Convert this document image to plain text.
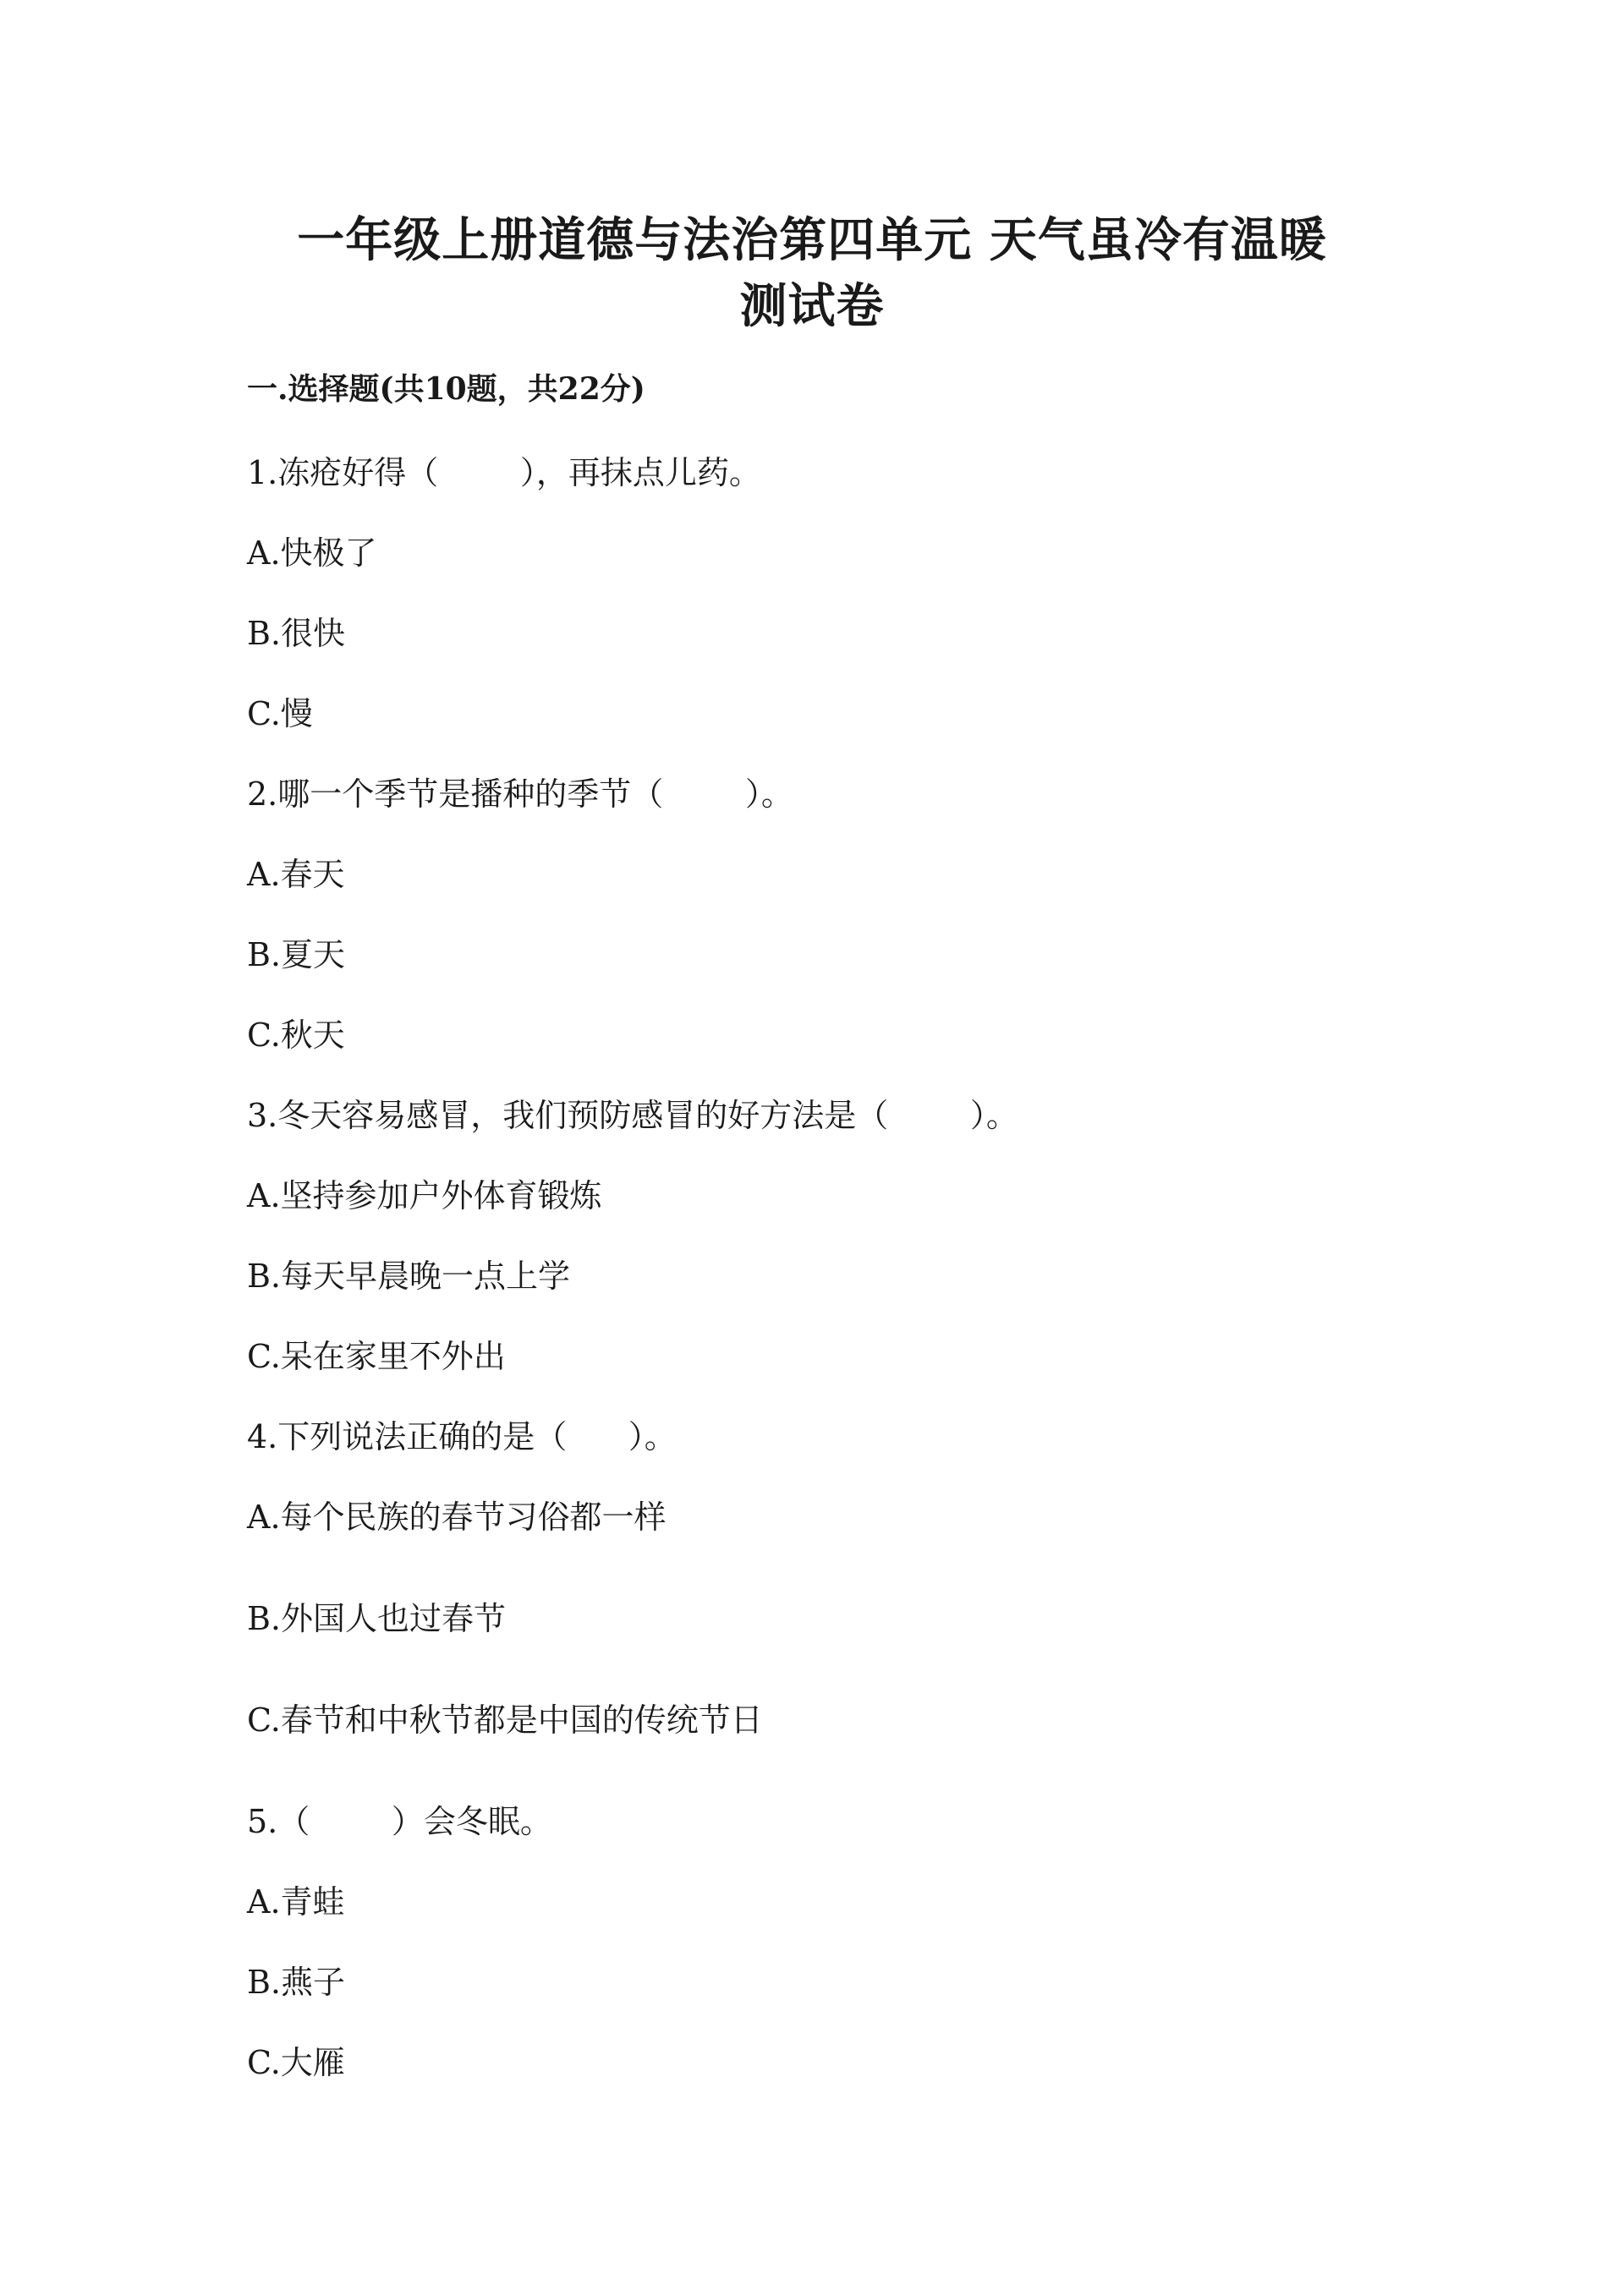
一年级上册道德与法治第四单元 天气虽冷有温暖
测试卷
一.选择题(共10题，共22分)
1.冻疮好得（        ），再抹点儿药。
A.快极了
B.很快
C.慢
2.哪一个季节是播种的季节（        ）。
A.春天
B.夏天
C.秋天
3.冬天容易感冒，我们预防感冒的好方法是（        ）。
A.坚持参加户外体育锻炼
B.每天早晨晚一点上学
C.呆在家里不外出
4.下列说法正确的是（      ）。
A.每个民族的春节习俗都一样
B.外国人也过春节
C.春节和中秋节都是中国的传统节日
5.（        ）会冬眠。
A.青蛙
B.燕子
C.大雁
